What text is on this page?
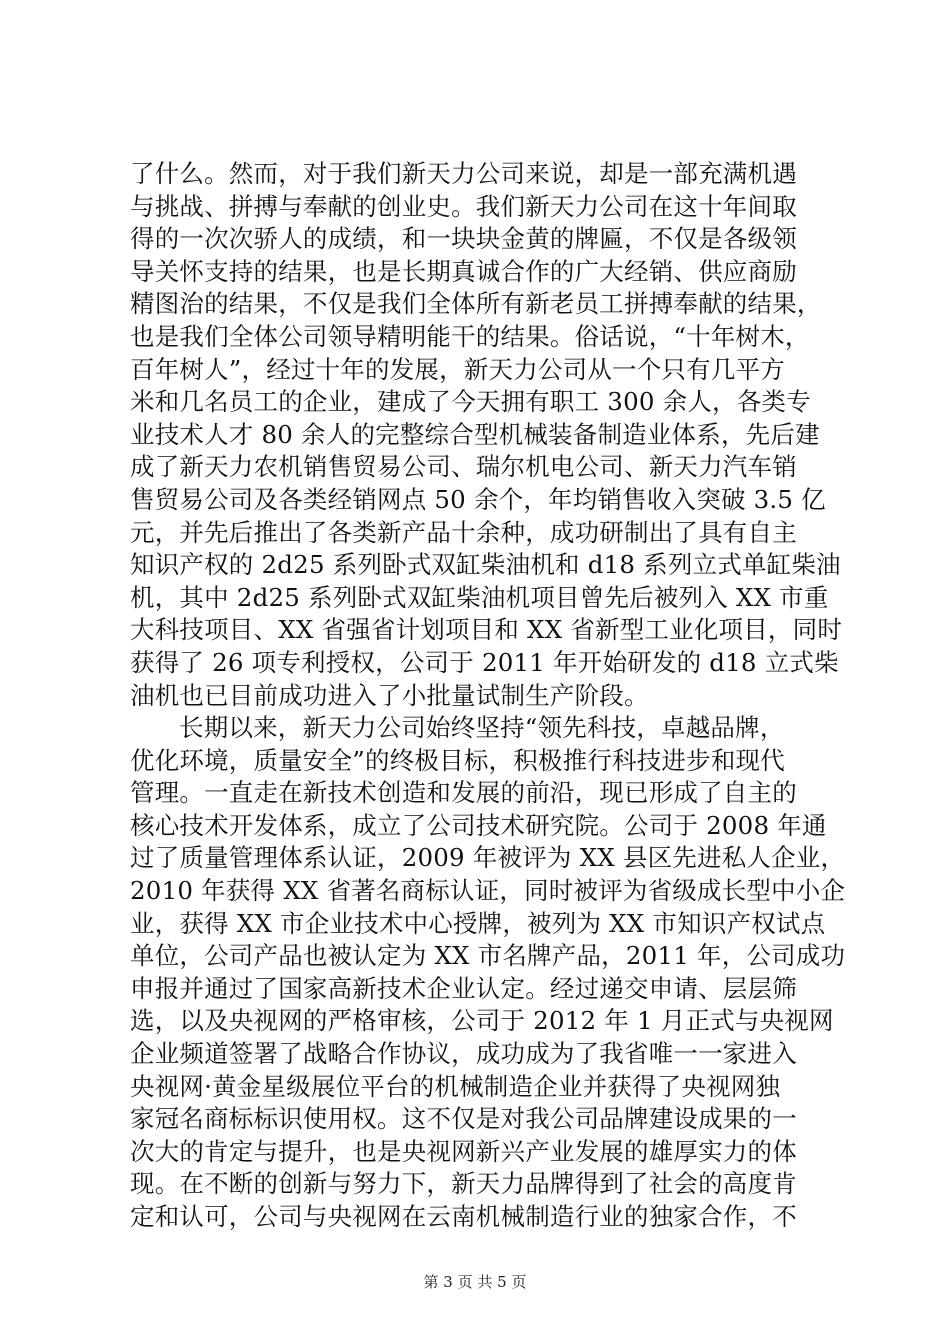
了什么。然而，对于我们新天力公司来说，却是一部充满机遇
与挑战、拼搏与奉献的创业史。我们新天力公司在这十年间取
得的一次次骄人的成绩，和一块块金黄的牌匾，不仅是各级领
导关怀支持的结果，也是长期真诚合作的广大经销、供应商励
精图治的结果，不仅是我们全体所有新老员工拼搏奉献的结果，
也是我们全体公司领导精明能干的结果。俗话说，“十年树木，
百年树人”，经过十年的发展，新天力公司从一个只有几平方
米和几名员工的企业，建成了今天拥有职工 300 余人，各类专
业技术人才 80 余人的完整综合型机械装备制造业体系，先后建
成了新天力农机销售贸易公司、瑞尔机电公司、新天力汽车销
售贸易公司及各类经销网点 50 余个，年均销售收入突破 3.5 亿
元，并先后推出了各类新产品十余种，成功研制出了具有自主
知识产权的 2d25 系列卧式双缸柴油机和 d18 系列立式单缸柴油
机，其中 2d25 系列卧式双缸柴油机项目曾先后被列入 XX 市重
大科技项目、XX 省强省计划项目和 XX 省新型工业化项目，同时
获得了 26 项专利授权，公司于 2011 年开始研发的 d18 立式柴
油机也已目前成功进入了小批量试制生产阶段。
长期以来，新天力公司始终坚持“领先科技，卓越品牌，
优化环境，质量安全”的终极目标，积极推行科技进步和现代
管理。一直走在新技术创造和发展的前沿，现已形成了自主的
核心技术开发体系，成立了公司技术研究院。公司于 2008 年通
过了质量管理体系认证，2009 年被评为 XX 县区先进私人企业，
2010 年获得 XX 省著名商标认证，同时被评为省级成长型中小企
业，获得 XX 市企业技术中心授牌，被列为 XX 市知识产权试点
单位，公司产品也被认定为 XX 市名牌产品，2011 年，公司成功
申报并通过了国家高新技术企业认定。经过递交申请、层层筛
选，以及央视网的严格审核，公司于 2012 年 1 月正式与央视网
企业频道签署了战略合作协议，成功成为了我省唯一一家进入
央视网·黄金星级展位平台的机械制造企业并获得了央视网独
家冠名商标标识使用权。这不仅是对我公司品牌建设成果的一
次大的肯定与提升，也是央视网新兴产业发展的雄厚实力的体
现。在不断的创新与努力下，新天力品牌得到了社会的高度肯
定和认可，公司与央视网在云南机械制造行业的独家合作，不
第 3 页 共 5 页
